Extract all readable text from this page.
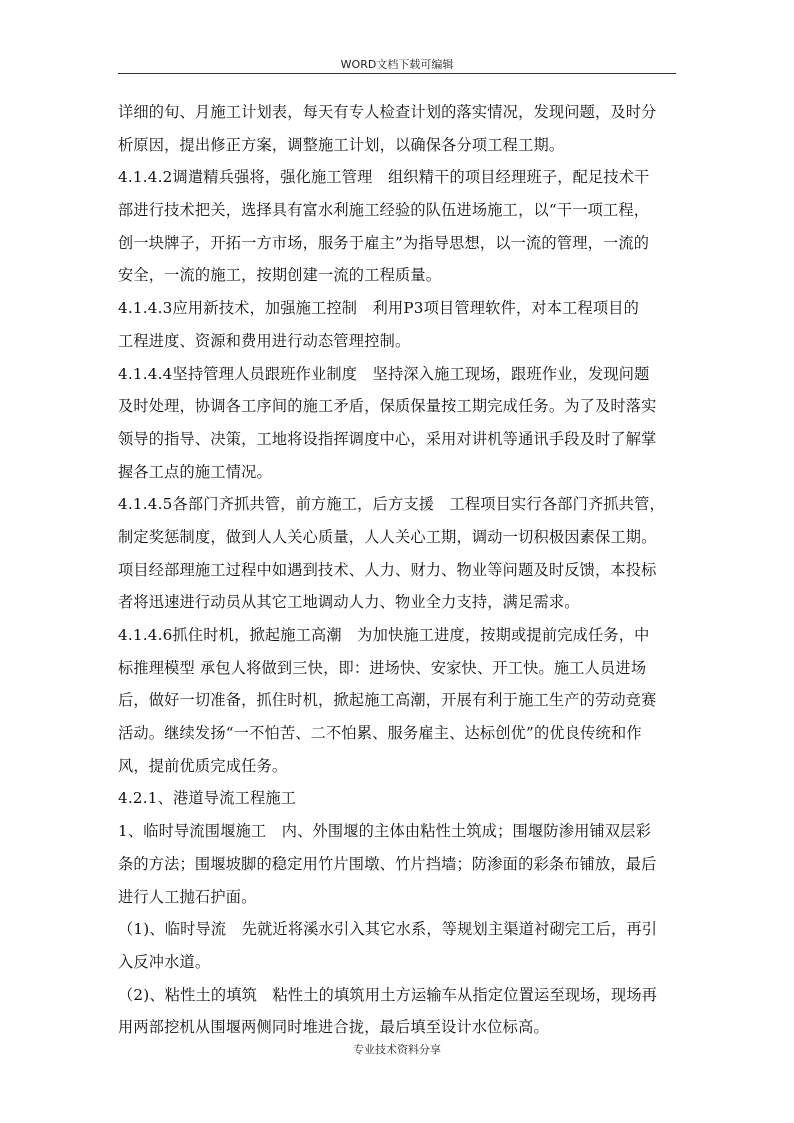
WORD文档下载可编辑
详细的旬、月施工计划表，每天有专人检查计划的落实情况，发现问题，及时分
析原因，提出修正方案，调整施工计划，以确保各分项工程工期。
4.1.4.2调遣精兵强将，强化施工管理　组织精干的项目经理班子，配足技术干
部进行技术把关，选择具有富水利施工经验的队伍进场施工，以“干一项工程，
创一块牌子，开拓一方市场，服务于雇主”为指导思想，以一流的管理，一流的
安全，一流的施工，按期创建一流的工程质量。
4.1.4.3应用新技术，加强施工控制　利用P3项目管理软件，对本工程项目的
工程进度、资源和费用进行动态管理控制。
4.1.4.4坚持管理人员跟班作业制度　坚持深入施工现场，跟班作业，发现问题
及时处理，协调各工序间的施工矛盾，保质保量按工期完成任务。为了及时落实
领导的指导、决策，工地将设指挥调度中心，采用对讲机等通讯手段及时了解掌
握各工点的施工情况。
4.1.4.5各部门齐抓共管，前方施工，后方支援　工程项目实行各部门齐抓共管，
制定奖惩制度，做到人人关心质量，人人关心工期，调动一切积极因素保工期。
项目经部理施工过程中如遇到技术、人力、财力、物业等问题及时反馈，本投标
者将迅速进行动员从其它工地调动人力、物业全力支持，满足需求。
4.1.4.6抓住时机，掀起施工高潮　为加快施工进度，按期或提前完成任务，中
标推理模型 承包人将做到三快，即：进场快、安家快、开工快。施工人员进场
后，做好一切准备，抓住时机，掀起施工高潮，开展有利于施工生产的劳动竞赛
活动。继续发扬“一不怕苦、二不怕累、服务雇主、达标创优”的优良传统和作
风，提前优质完成任务。
4.2.1、港道导流工程施工
1、临时导流围堰施工　内、外围堰的主体由粘性土筑成；围堰防渗用铺双层彩
条的方法；围堰坡脚的稳定用竹片围墩、竹片挡墙；防渗面的彩条布铺放，最后
进行人工抛石护面。
（1)、临时导流　先就近将溪水引入其它水系，等规划主渠道衬砌完工后，再引
入反冲水道。
（2)、粘性土的填筑　粘性土的填筑用土方运输车从指定位置运至现场，现场再
用两部挖机从围堰两侧同时堆进合拢，最后填至设计水位标高。
专业技术资料分享
